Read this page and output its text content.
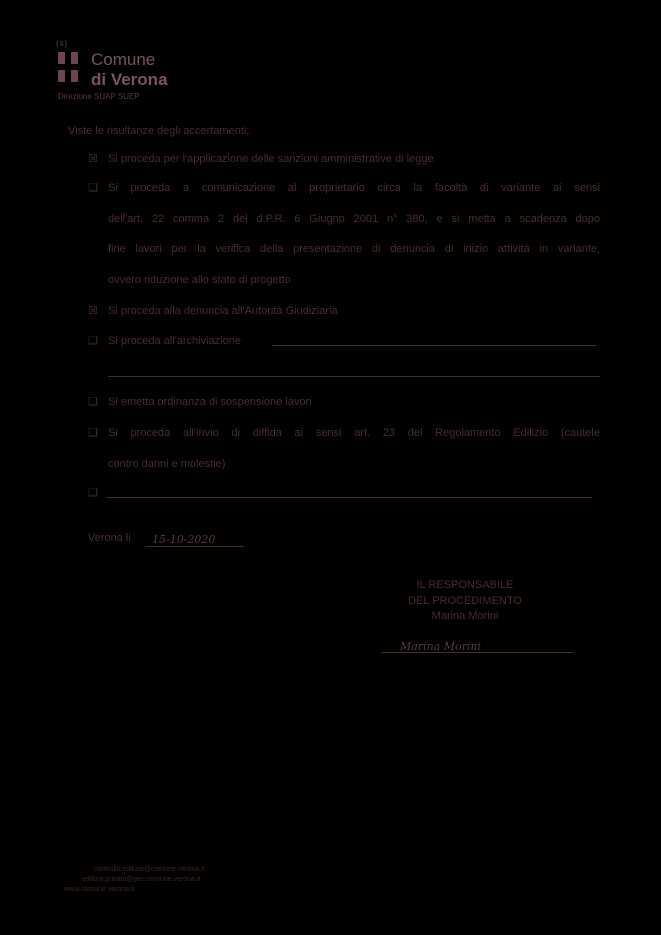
(ऽ)
Comune
di Verona
Direzione SUAP SUEP
Viste le risultanze degli accertamenti:
☒ Si proceda per l'applicazione delle sanzioni amministrative di legge
❑ Si proceda a comunicazione al proprietario circa la facoltà di variante ai sensi
dell'art. 22 comma 2 del d.P.R. 6 Giugno 2001 n° 380, e si metta a scadenza dopo
fine lavori per la verifica della presentazione di denuncia di inizio attività in variante,
ovvero riduzione allo stato di progetto
☒ Si proceda alla denuncia all'Autorità Giudiziaria
❑ Si proceda all'archiviazione
❑ Si emetta ordinanza di sospensione lavori
❑ Si proceda all'invio di diffida ai sensi art. 23 del Regolamento Edilizio (cautele
contro danni e molestie)
❑
Verona li 15-10-2020
IL RESPONSABILE
DEL PROCEDIMENTO
Marina Morini
Marina Morini
controllo.edilizia@comune.verona.it
edilizia.privata@pec.comune.verona.it
www.comune.verona.it
